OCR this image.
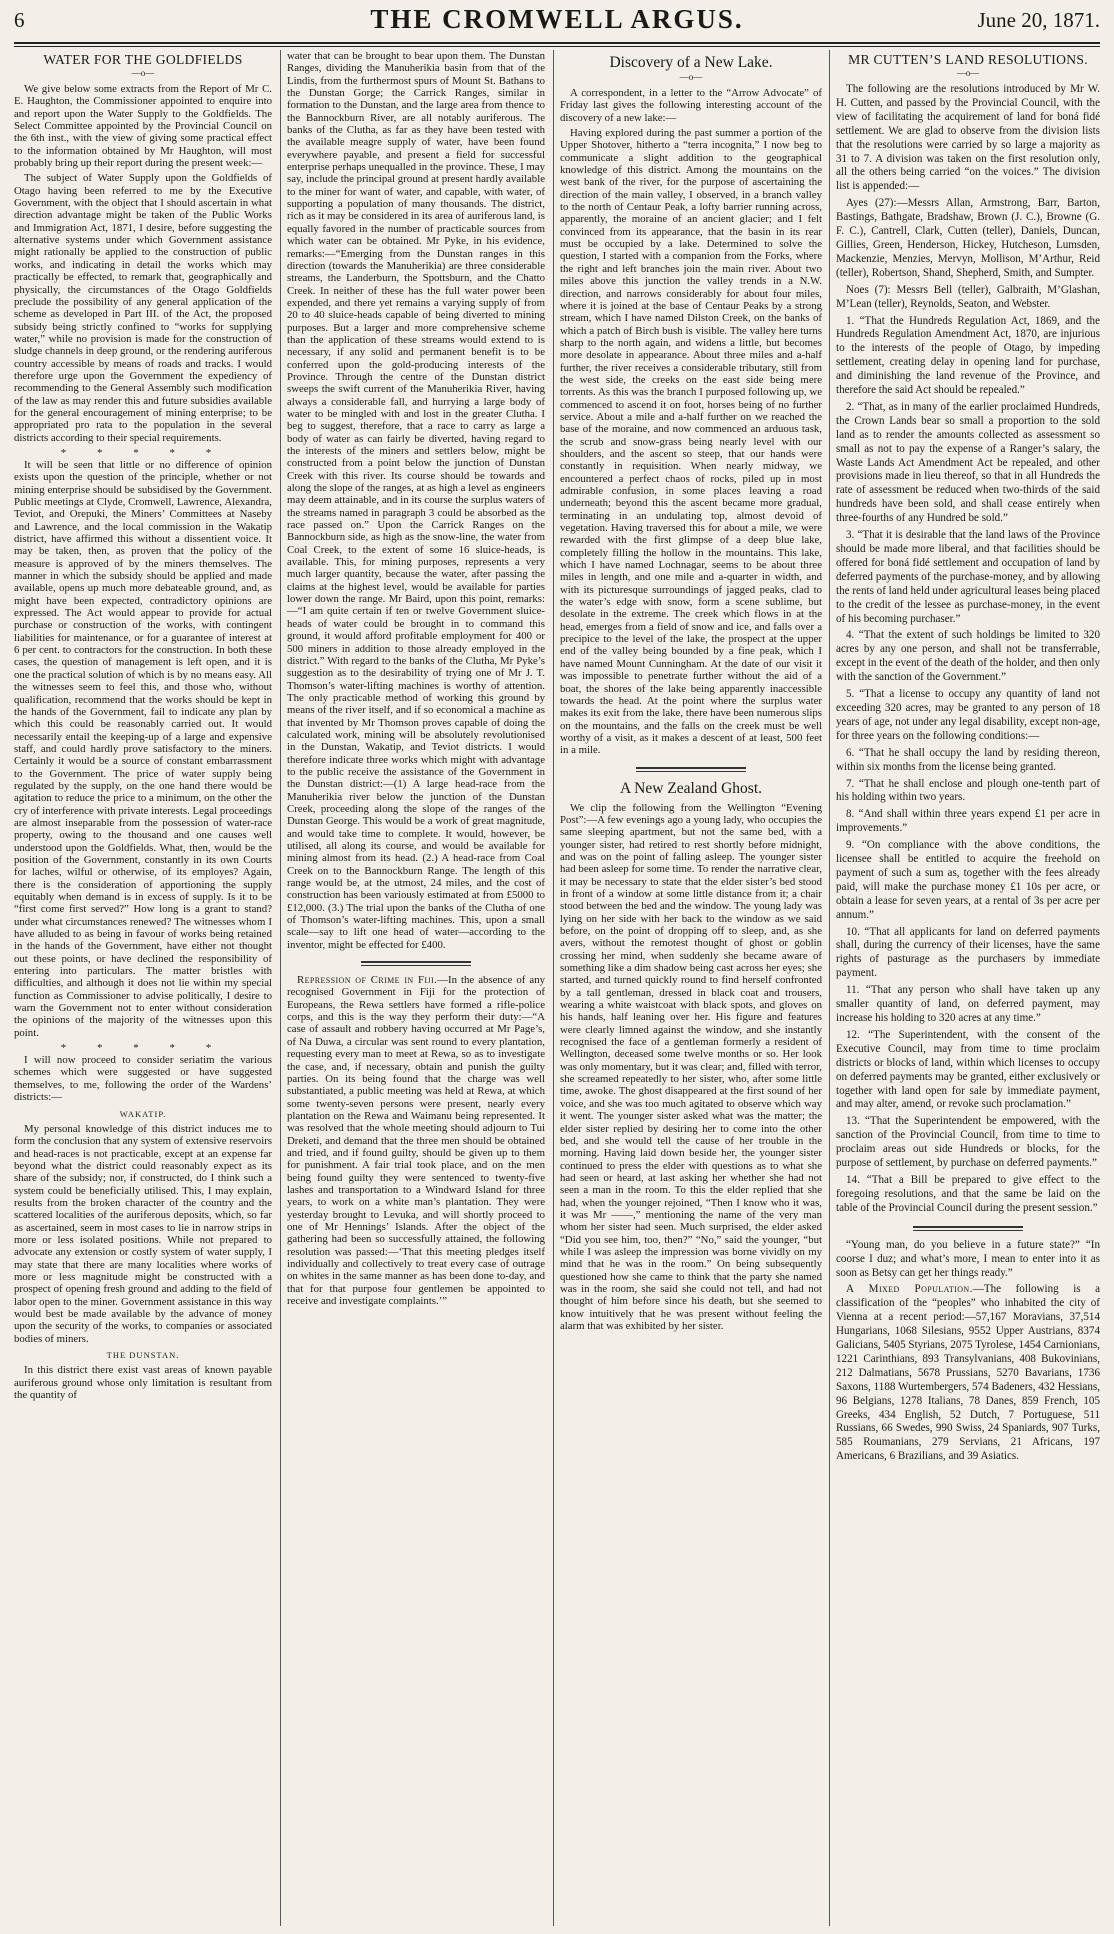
6	THE CROMWELL ARGUS.	June 20, 1871.
WATER FOR THE GOLDFIELDS
—o—

We give below some extracts from the Report of Mr C. E. Haughton, the Commissioner appointed to enquire into and report upon the Water Supply to the Goldfields. The Select Committee appointed by the Provincial Council on the 6th inst., with the view of giving some practical effect to the information obtained by Mr Haughton, will most probably bring up their report during the present week:—

The subject of Water Supply upon the Goldfields of Otago having been referred to me by the Executive Government, with the object that I should ascertain in what direction advantage might be taken of the Public Works and Immigration Act, 1871, I desire, before suggesting the alternative systems under which Government assistance might rationally be applied to the construction of public works, and indicating in detail the works which may practically be effected, to remark that, geographically and physically, the circumstances of the Otago Goldfields preclude the possibility of any general application of the scheme as developed in Part III. of the Act, the proposed subsidy being strictly confined to “works for supplying water,” while no provision is made for the construction of sludge channels in deep ground, or the rendering auriferous country accessible by means of roads and tracks. I would therefore urge upon the Government the expediency of recommending to the General Assembly such modification of the law as may render this and future subsidies available for the general encouragement of mining enterprise; to be appropriated pro rata to the population in the several districts according to their special requirements.

* * * * *

It will be seen that little or no difference of opinion exists upon the question of the principle, whether or not mining enterprise should be subsidised by the Government. Public meetings at Clyde, Cromwell, Lawrence, Alexandra, Teviot, and Orepuki, the Miners’ Committees at Naseby and Lawrence, and the local commission in the Wakatip district, have affirmed this without a dissentient voice. It may be taken, then, as proven that the policy of the measure is approved of by the miners themselves. The manner in which the subsidy should be applied and made available, opens up much more debateable ground, and, as might have been expected, contradictory opinions are expressed. The Act would appear to provide for actual purchase or construction of the works, with contingent liabilities for maintenance, or for a guarantee of interest at 6 per cent. to contractors for the construction. In both these cases, the question of management is left open, and it is one the practical solution of which is by no means easy. All the witnesses seem to feel this, and those who, without qualification, recommend that the works should be kept in the hands of the Government, fail to indicate any plan by which this could be reasonably carried out. It would necessarily entail the keeping-up of a large and expensive staff, and could hardly prove satisfactory to the miners. Certainly it would be a source of constant embarrassment to the Government. The price of water supply being regulated by the supply, on the one hand there would be agitation to reduce the price to a minimum, on the other the cry of interference with private interests. Legal proceedings are almost inseparable from the possession of water-race property, owing to the thousand and one causes well understood upon the Goldfields. What, then, would be the position of the Government, constantly in its own Courts for laches, wilful or otherwise, of its employes? Again, there is the consideration of apportioning the supply equitably when demand is in excess of supply. Is it to be “first come first served?” How long is a grant to stand? under what circumstances renewed? The witnesses whom I have alluded to as being in favour of works being retained in the hands of the Government, have either not thought out these points, or have declined the responsibility of entering into particulars. The matter bristles with difficulties, and although it does not lie within my special function as Commissioner to advise politically, I desire to warn the Government not to enter without consideration the opinions of the majority of the witnesses upon this point.

* * * * *

I will now proceed to consider seriatim the various schemes which were suggested or have suggested themselves, to me, following the order of the Wardens’ districts:—

WAKATIP.

My personal knowledge of this district induces me to form the conclusion that any system of extensive reservoirs and head-races is not practicable, except at an expense far beyond what the district could reasonably expect as its share of the subsidy; nor, if constructed, do I think such a system could be beneficially utilised. This, I may explain, results from the broken character of the country and the scattered localities of the auriferous deposits, which, so far as ascertained, seem in most cases to lie in narrow strips in more or less isolated positions. While not prepared to advocate any extension or costly system of water supply, I may state that there are many localities where works of more or less magnitude might be constructed with a prospect of opening fresh ground and adding to the field of labor open to the miner. Government assistance in this way would best be made available by the advance of money upon the security of the works, to companies or associated bodies of miners.

THE DUNSTAN.

In this district there exist vast areas of known payable auriferous ground whose only limitation is resultant from the quantity of

water that can be brought to bear upon them. The Dunstan Ranges, dividing the Manuherikia basin from that of the Lindis, from the furthermost spurs of Mount St. Bathans to the Dunstan Gorge; the Carrick Ranges, similar in formation to the Dunstan, and the large area from thence to the Bannockburn River, are all notably auriferous. The banks of the Clutha, as far as they have been tested with the available meagre supply of water, have been found everywhere payable, and present a field for successful enterprise perhaps unequalled in the province. These, I may say, include the principal ground at present hardly available to the miner for want of water, and capable, with water, of supporting a population of many thousands. The district, rich as it may be considered in its area of auriferous land, is equally favored in the number of practicable sources from which water can be obtained. Mr Pyke, in his evidence, remarks:—“Emerging from the Dunstan ranges in this direction (towards the Manuherikia) are three considerable streams, the Landerburn, the Spottsburn, and the Chatto Creek. In neither of these has the full water power been expended, and there yet remains a varying supply of from 20 to 40 sluice-heads capable of being diverted to mining purposes. But a larger and more comprehensive scheme than the application of these streams would extend to is necessary, if any solid and permanent benefit is to be conferred upon the gold-producing interests of the Province. Through the centre of the Dunstan district sweeps the swift current of the Manuherikia River, having always a considerable fall, and hurrying a large body of water to be mingled with and lost in the greater Clutha. I beg to suggest, therefore, that a race to carry as large a body of water as can fairly be diverted, having regard to the interests of the miners and settlers below, might be constructed from a point below the junction of Dunstan Creek with this river. Its course should be towards and along the slope of the ranges, at as high a level as engineers may deem attainable, and in its course the surplus waters of the streams named in paragraph 3 could be absorbed as the race passed on.” Upon the Carrick Ranges on the Bannockburn side, as high as the snow-line, the water from Coal Creek, to the extent of some 16 sluice-heads, is available. This, for mining purposes, represents a very much larger quantity, because the water, after passing the claims at the highest level, would be available for parties lower down the range. Mr Baird, upon this point, remarks:—“I am quite certain if ten or twelve Government sluice-heads of water could be brought in to command this ground, it would afford profitable employment for 400 or 500 miners in addition to those already employed in the district.” With regard to the banks of the Clutha, Mr Pyke’s suggestion as to the desirability of trying one of Mr J. T. Thomson’s water-lifting machines is worthy of attention. The only practicable method of working this ground by means of the river itself, and if so economical a machine as that invented by Mr Thomson proves capable of doing the calculated work, mining will be absolutely revolutionised in the Dunstan, Wakatip, and Teviot districts. I would therefore indicate three works which might with advantage to the public receive the assistance of the Government in the Dunstan district:—(1) A large head-race from the Manuherikia river below the junction of the Dunstan Creek, proceeding along the slope of the ranges of the Dunstan George. This would be a work of great magnitude, and would take time to complete. It would, however, be utilised, all along its course, and would be available for mining almost from its head. (2.) A head-race from Coal Creek on to the Bannockburn Range. The length of this range would be, at the utmost, 24 miles, and the cost of construction has been variously estimated at from £5000 to £12,000. (3.) The trial upon the banks of the Clutha of one of Thomson’s water-lifting machines. This, upon a small scale—say to lift one head of water—according to the inventor, might be effected for £400.

Repression of Crime in Fiji.—In the absence of any recognised Government in Fiji for the protection of Europeans, the Rewa settlers have formed a rifle-police corps, and this is the way they perform their duty:—“A case of assault and robbery having occurred at Mr Page’s, of Na Duwa, a circular was sent round to every plantation, requesting every man to meet at Rewa, so as to investigate the case, and, if necessary, obtain and punish the guilty parties. On its being found that the charge was well substantiated, a public meeting was held at Rewa, at which some twenty-seven persons were present, nearly every plantation on the Rewa and Waimanu being represented. It was resolved that the whole meeting should adjourn to Tui Dreketi, and demand that the three men should be obtained and tried, and if found guilty, should be given up to them for punishment. A fair trial took place, and on the men being found guilty they were sentenced to twenty-five lashes and transportation to a Windward Island for three years, to work on a white man’s plantation. They were yesterday brought to Levuka, and will shortly proceed to one of Mr Hennings’ Islands. After the object of the gathering had been so successfully attained, the following resolution was passed:—‘That this meeting pledges itself individually and collectively to treat every case of outrage on whites in the same manner as has been done to-day, and that for that purpose four gentlemen be appointed to receive and investigate complaints.’”

Discovery of a New Lake.
—o—

A correspondent, in a letter to the “Arrow Advocate” of Friday last gives the following interesting account of the discovery of a new lake:—

Having explored during the past summer a portion of the Upper Shotover, hitherto a “terra incognita,” I now beg to communicate a slight addition to the geographical knowledge of this district. Among the mountains on the west bank of the river, for the purpose of ascertaining the direction of the main valley, I observed, in a branch valley to the north of Centaur Peak, a lofty barrier running across, apparently, the moraine of an ancient glacier; and I felt convinced from its appearance, that the basin in its rear must be occupied by a lake. Determined to solve the question, I started with a companion from the Forks, where the right and left branches join the main river. About two miles above this junction the valley trends in a N.W. direction, and narrows considerably for about four miles, where it is joined at the base of Centaur Peaks by a strong stream, which I have named Dilston Creek, on the banks of which a patch of Birch bush is visible. The valley here turns sharp to the north again, and widens a little, but becomes more desolate in appearance. About three miles and a-half further, the river receives a considerable tributary, still from the west side, the creeks on the east side being mere torrents. As this was the branch I purposed following up, we commenced to ascend it on foot, horses being of no further service. About a mile and a-half further on we reached the base of the moraine, and now commenced an arduous task, the scrub and snow-grass being nearly level with our shoulders, and the ascent so steep, that our hands were constantly in requisition. When nearly midway, we encountered a perfect chaos of rocks, piled up in most admirable confusion, in some places leaving a road underneath; beyond this the ascent became more gradual, terminating in an undulating top, almost devoid of vegetation. Having traversed this for about a mile, we were rewarded with the first glimpse of a deep blue lake, completely filling the hollow in the mountains. This lake, which I have named Lochnagar, seems to be about three miles in length, and one mile and a-quarter in width, and with its picturesque surroundings of jagged peaks, clad to the water’s edge with snow, form a scene sublime, but desolate in the extreme. The creek which flows in at the head, emerges from a field of snow and ice, and falls over a precipice to the level of the lake, the prospect at the upper end of the valley being bounded by a fine peak, which I have named Mount Cunningham. At the date of our visit it was impossible to penetrate further without the aid of a boat, the shores of the lake being apparently inaccessible towards the head. At the point where the surplus water makes its exit from the lake, there have been numerous slips on the mountains, and the falls on the creek must be well worthy of a visit, as it makes a descent of at least, 500 feet in a mile.

A New Zealand Ghost.

We clip the following from the Wellington “Evening Post”:—A few evenings ago a young lady, who occupies the same sleeping apartment, but not the same bed, with a younger sister, had retired to rest shortly before midnight, and was on the point of falling asleep. The younger sister had been asleep for some time. To render the narrative clear, it may be necessary to state that the elder sister’s bed stood in front of a window at some little distance from it; a chair stood between the bed and the window. The young lady was lying on her side with her back to the window as we said before, on the point of dropping off to sleep, and, as she avers, without the remotest thought of ghost or goblin crossing her mind, when suddenly she became aware of something like a dim shadow being cast across her eyes; she started, and turned quickly round to find herself confronted by a tall gentleman, dressed in black coat and trousers, wearing a white waistcoat with black spots, and gloves on his hands, half leaning over her. His figure and features were clearly limned against the window, and she instantly recognised the face of a gentleman formerly a resident of Wellington, deceased some twelve months or so. Her look was only momentary, but it was clear; and, filled with terror, she screamed repeatedly to her sister, who, after some little time, awoke. The ghost disappeared at the first sound of her voice, and she was too much agitated to observe which way it went. The younger sister asked what was the matter; the elder sister replied by desiring her to come into the other bed, and she would tell the cause of her trouble in the morning. Having laid down beside her, the younger sister continued to press the elder with questions as to what she had seen or heard, at last asking her whether she had not seen a man in the room. To this the elder replied that she had, when the younger rejoined, “Then I know who it was, it was Mr ——,” mentioning the name of the very man whom her sister had seen. Much surprised, the elder asked “Did you see him, too, then?” “No,” said the younger, “but while I was asleep the impression was borne vividly on my mind that he was in the room.” On being subsequently questioned how she came to think that the party she named was in the room, she said she could not tell, and had not thought of him before since his death, but she seemed to know intuitively that he was present without feeling the alarm that was exhibited by her sister.

MR CUTTEN’S LAND RESOLUTIONS.
—o—

The following are the resolutions introduced by Mr W. H. Cutten, and passed by the Provincial Council, with the view of facilitating the acquirement of land for boná fidé settlement. We are glad to observe from the division lists that the resolutions were carried by so large a majority as 31 to 7. A division was taken on the first resolution only, all the others being carried “on the voices.” The division list is appended:—

Ayes (27):—Messrs Allan, Armstrong, Barr, Barton, Bastings, Bathgate, Bradshaw, Brown (J. C.), Browne (G. F. C.), Cantrell, Clark, Cutten (teller), Daniels, Duncan, Gillies, Green, Henderson, Hickey, Hutcheson, Lumsden, Mackenzie, Menzies, Mervyn, Mollison, M’Arthur, Reid (teller), Robertson, Shand, Shepherd, Smith, and Sumpter.

Noes (7): Messrs Bell (teller), Galbraith, M’Glashan, M’Lean (teller), Reynolds, Seaton, and Webster.

1. “That the Hundreds Regulation Act, 1869, and the Hundreds Regulation Amendment Act, 1870, are injurious to the interests of the people of Otago, by impeding settlement, creating delay in opening land for purchase, and diminishing the land revenue of the Province, and therefore the said Act should be repealed.”

2. “That, as in many of the earlier proclaimed Hundreds, the Crown Lands bear so small a proportion to the sold land as to render the amounts collected as assessment so small as not to pay the expense of a Ranger’s salary, the Waste Lands Act Amendment Act be repealed, and other provisions made in lieu thereof, so that in all Hundreds the rate of assessment be reduced when two-thirds of the said hundreds have been sold, and shall cease entirely when three-fourths of any Hundred be sold.”

3. “That it is desirable that the land laws of the Province should be made more liberal, and that facilities should be offered for boná fidé settlement and occupation of land by deferred payments of the purchase-money, and by allowing the rents of land held under agricultural leases being placed to the credit of the lessee as purchase-money, in the event of his becoming purchaser.”

4. “That the extent of such holdings be limited to 320 acres by any one person, and shall not be transferrable, except in the event of the death of the holder, and then only with the sanction of the Government.”

5. “That a license to occupy any quantity of land not exceeding 320 acres, may be granted to any person of 18 years of age, not under any legal disability, except non-age, for three years on the following conditions:—

6. “That he shall occupy the land by residing thereon, within six months from the license being granted.

7. “That he shall enclose and plough one-tenth part of his holding within two years.

8. “And shall within three years expend £1 per acre in improvements.”

9. “On compliance with the above conditions, the licensee shall be entitled to acquire the freehold on payment of such a sum as, together with the fees already paid, will make the purchase money £1 10s per acre, or obtain a lease for seven years, at a rental of 3s per acre per annum.”

10. “That all applicants for land on deferred payments shall, during the currency of their licenses, have the same rights of pasturage as the purchasers by immediate payment.

11. “That any person who shall have taken up any smaller quantity of land, on deferred payment, may increase his holding to 320 acres at any time.”

12. “The Superintendent, with the consent of the Executive Council, may from time to time proclaim districts or blocks of land, within which licenses to occupy on deferred payments may be granted, either exclusively or together with land open for sale by immediate payment, and may alter, amend, or revoke such proclamation.”

13. “That the Superintendent be empowered, with the sanction of the Provincial Council, from time to time to proclaim areas out side Hundreds or blocks, for the purpose of settlement, by purchase on deferred payments.”

14. “That a Bill be prepared to give effect to the foregoing resolutions, and that the same be laid on the table of the Provincial Council during the present session.”

“Young man, do you believe in a future state?” “In coorse I duz; and what’s more, I mean to enter into it as soon as Betsy can get her things ready.”

A Mixed Population.—The following is a classification of the “peoples” who inhabited the city of Vienna at a recent period:—57,167 Moravians, 37,514 Hungarians, 1068 Silesians, 9552 Upper Austrians, 8374 Galicians, 5405 Styrians, 2075 Tyrolese, 1454 Carnionians, 1221 Carinthians, 893 Transylvanians, 408 Bukovinians, 212 Dalmatians, 5678 Prussians, 5270 Bavarians, 1736 Saxons, 1188 Wurtembergers, 574 Badeners, 432 Hessians, 96 Belgians, 1278 Italians, 78 Danes, 859 French, 105 Greeks, 434 English, 52 Dutch, 7 Portuguese, 511 Russians, 66 Swedes, 990 Swiss, 24 Spaniards, 907 Turks, 585 Roumanians, 279 Servians, 21 Africans, 197 Americans, 6 Brazilians, and 39 Asiatics.
